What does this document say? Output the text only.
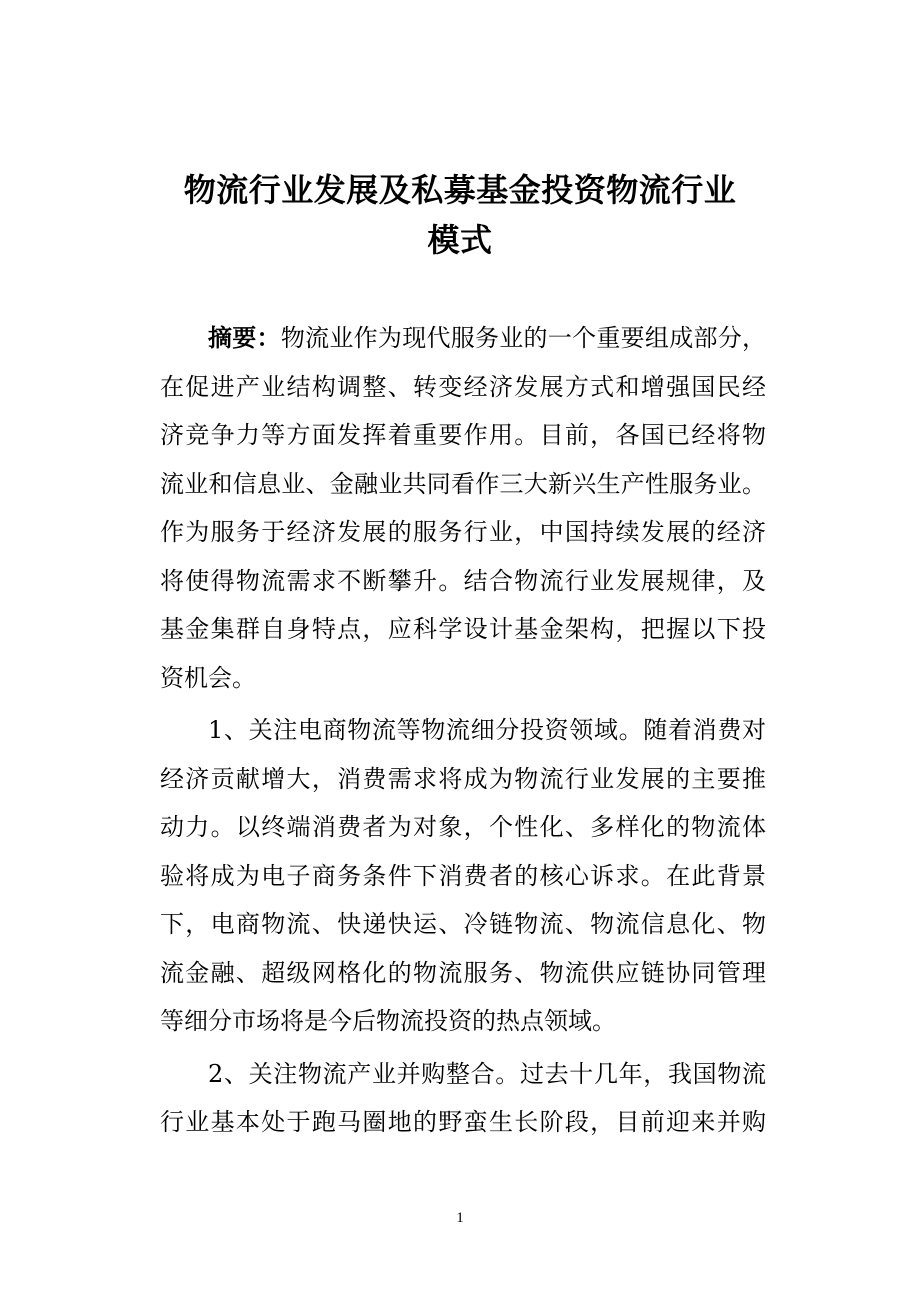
物流行业发展及私募基金投资物流行业
模式
摘要：物流业作为现代服务业的一个重要组成部分，
在促进产业结构调整、转变经济发展方式和增强国民经
济竞争力等方面发挥着重要作用。目前，各国已经将物
流业和信息业、金融业共同看作三大新兴生产性服务业。
作为服务于经济发展的服务行业，中国持续发展的经济
将使得物流需求不断攀升。结合物流行业发展规律，及
基金集群自身特点，应科学设计基金架构，把握以下投
资机会。
1、关注电商物流等物流细分投资领域。随着消费对
经济贡献增大，消费需求将成为物流行业发展的主要推
动力。以终端消费者为对象，个性化、多样化的物流体
验将成为电子商务条件下消费者的核心诉求。在此背景
下，电商物流、快递快运、冷链物流、物流信息化、物
流金融、超级网格化的物流服务、物流供应链协同管理
等细分市场将是今后物流投资的热点领域。
2、关注物流产业并购整合。过去十几年，我国物流
行业基本处于跑马圈地的野蛮生长阶段，目前迎来并购
1
